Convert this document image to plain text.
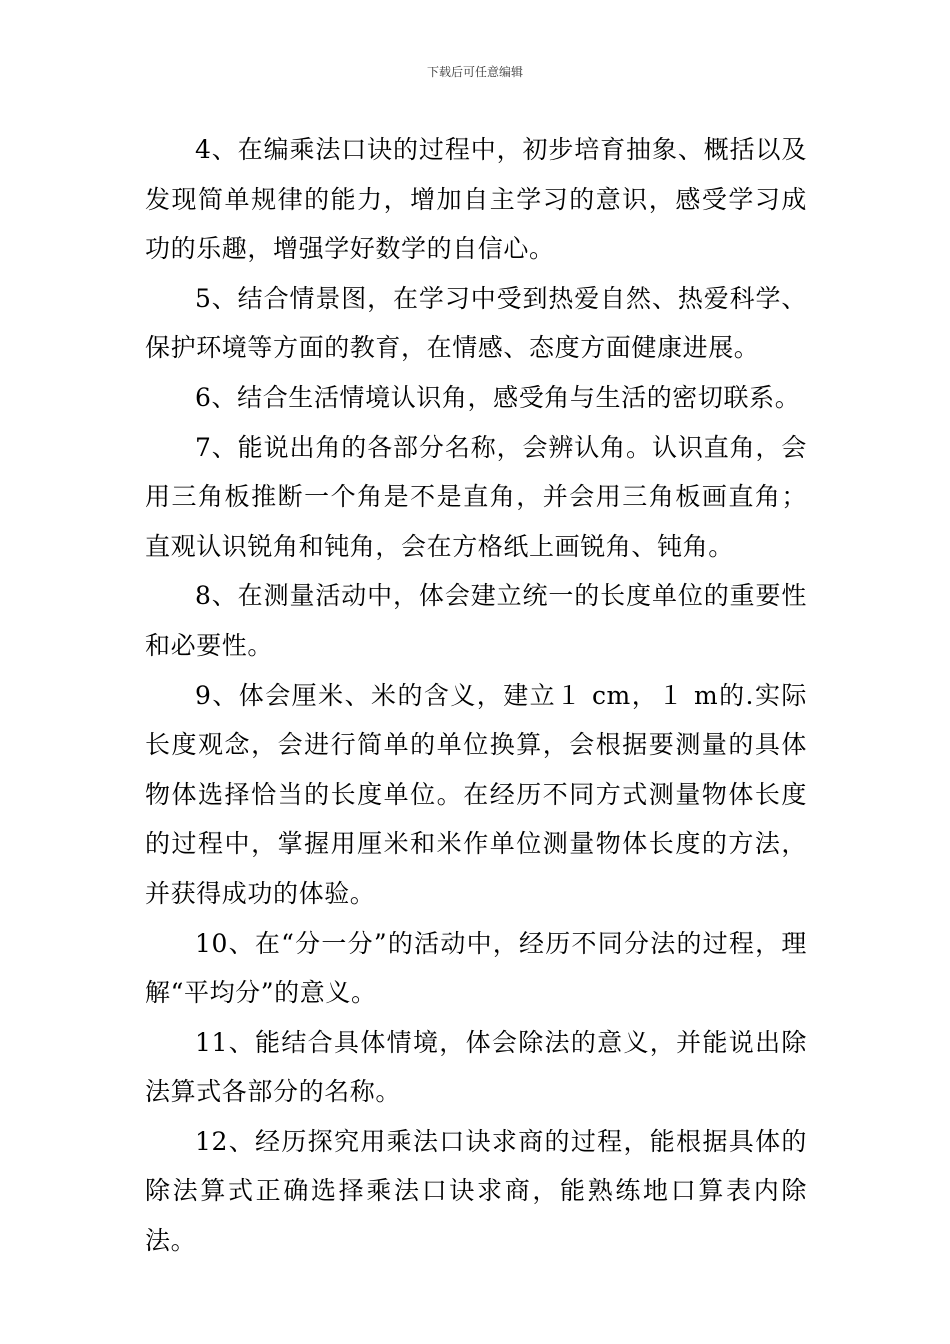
下载后可任意编辑

4、在编乘法口诀的过程中，初步培育抽象、概括以及发现简单规律的能力，增加自主学习的意识，感受学习成功的乐趣，增强学好数学的自信心。

5、结合情景图，在学习中受到热爱自然、热爱科学、保护环境等方面的教育，在情感、态度方面健康进展。

6、结合生活情境认识角，感受角与生活的密切联系。

7、能说出角的各部分名称，会辨认角。认识直角，会用三角板推断一个角是不是直角，并会用三角板画直角；直观认识锐角和钝角，会在方格纸上画锐角、钝角。

8、在测量活动中，体会建立统一的长度单位的重要性和必要性。

9、体会厘米、米的含义，建立１ cm，１ m的.实际长度观念，会进行简单的单位换算，会根据要测量的具体物体选择恰当的长度单位。在经历不同方式测量物体长度的过程中，掌握用厘米和米作单位测量物体长度的方法，并获得成功的体验。

10、在“分一分”的活动中，经历不同分法的过程，理解“平均分”的意义。

11、能结合具体情境，体会除法的意义，并能说出除法算式各部分的名称。

12、经历探究用乘法口诀求商的过程，能根据具体的除法算式正确选择乘法口诀求商，能熟练地口算表内除法。
